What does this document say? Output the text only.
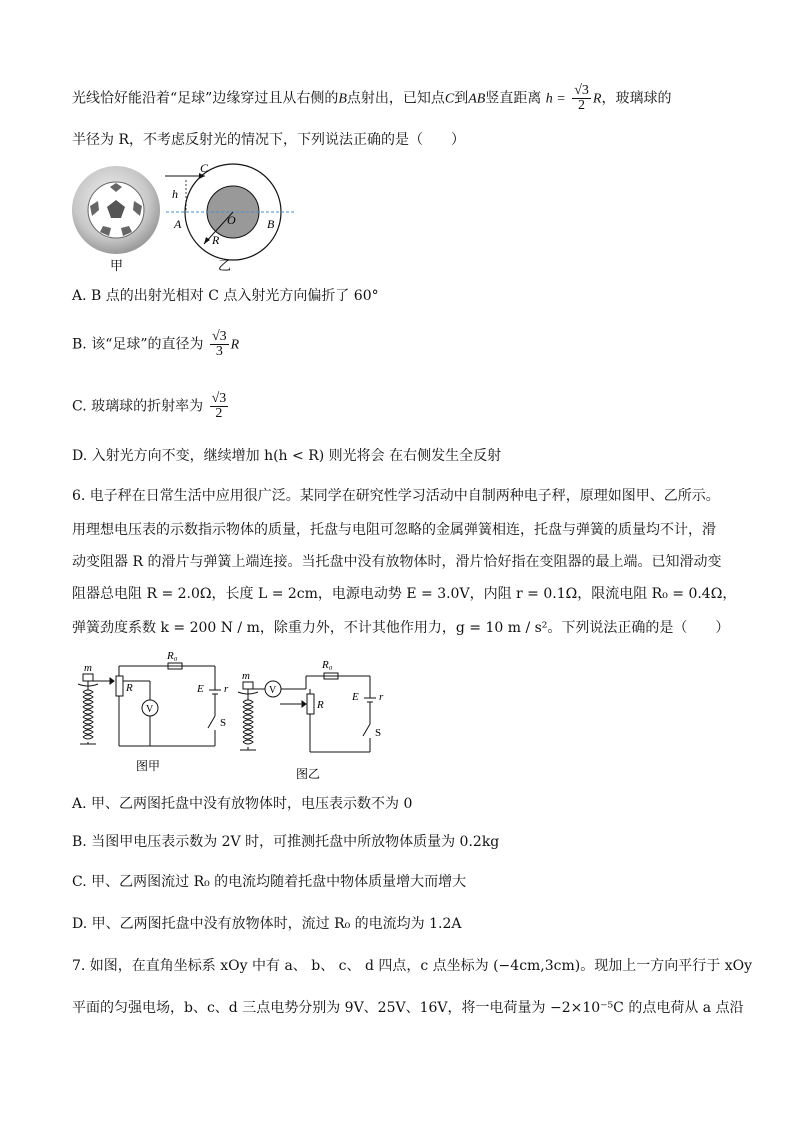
光线恰好能沿着“足球”边缘穿过且从右侧的B点射出，已知点C到AB竖直距离 $h = \frac{√3}{2}$ R，玻璃球的
半径为 R，不考虑反射光的情况下，下列说法正确的是（　　）
甲
C
h
A	O	B
R
乙
A. B 点的出射光相对 C 点入射光方向偏折了 60°
B. 该“足球”的直径为 $\frac{√3}{3}$ R
C. 玻璃球的折射率为 $\frac{√3}{2}$
D. 入射光方向不变，继续增加 h(h < R) 则光将会 在右侧发生全反射
6. 电子秤在日常生活中应用很广泛。某同学在研究性学习活动中自制两种电子秤，原理如图甲、乙所示。
用理想电压表的示数指示物体的质量，托盘与电阻可忽略的金属弹簧相连，托盘与弹簧的质量均不计，滑
动变阻器 R 的滑片与弹簧上端连接。当托盘中没有放物体时，滑片恰好指在变阻器的最上端。已知滑动变
阻器总电阻 R = 2.0Ω，长度 L = 2cm，电源电动势 E = 3.0V，内阻 r = 0.1Ω，限流电阻 R₀ = 0.4Ω，
弹簧劲度系数 k = 200 N / m，除重力外，不计其他作用力，g = 10 m / s²。下列说法正确的是（　　）
m
R₀
R
V
E r
S
图甲
m
R₀
R
V
E r
S
图乙
A. 甲、乙两图托盘中没有放物体时，电压表示数不为 0
B. 当图甲电压表示数为 2V 时，可推测托盘中所放物体质量为 0.2kg
C. 甲、乙两图流过 R₀ 的电流均随着托盘中物体质量增大而增大
D. 甲、乙两图托盘中没有放物体时，流过 R₀ 的电流均为 1.2A
7. 如图，在直角坐标系 xOy 中有 a、 b、 c、 d 四点，c 点坐标为 (−4cm,3cm)。现加上一方向平行于 xOy
平面的匀强电场，b、c、d 三点电势分别为 9V、25V、16V，将一电荷量为 −2×10⁻⁵C 的点电荷从 a 点沿
